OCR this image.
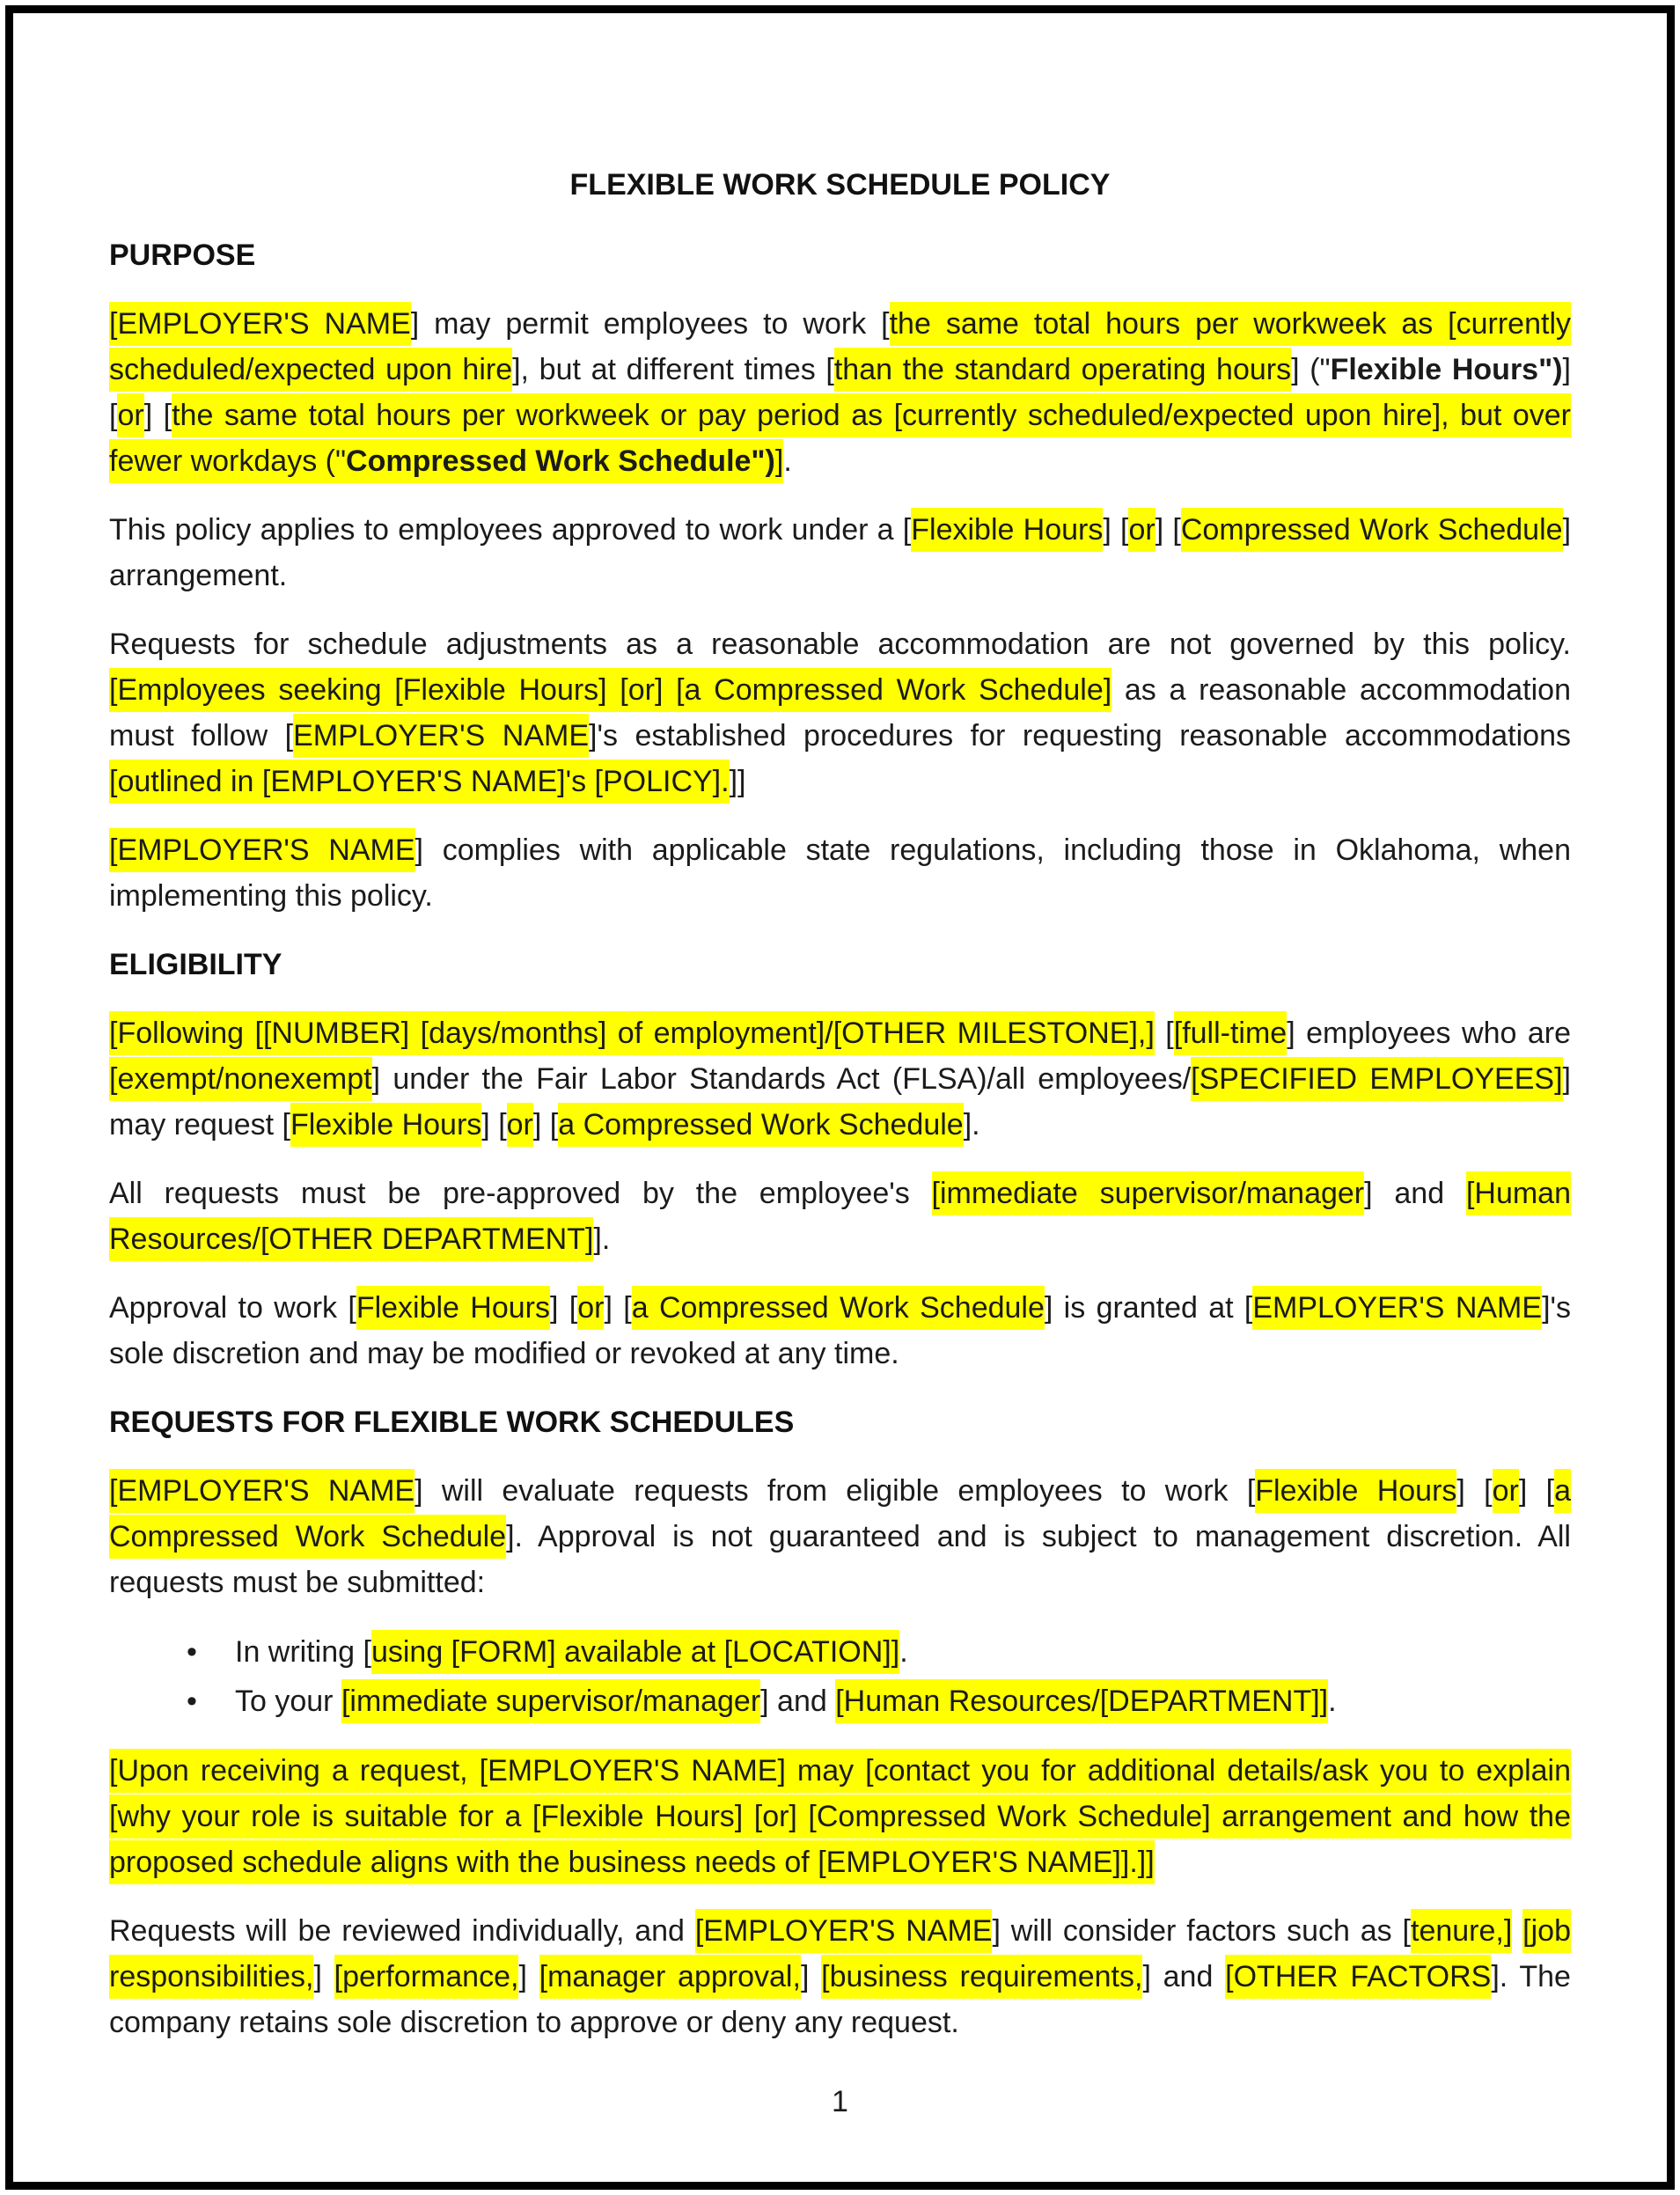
FLEXIBLE WORK SCHEDULE POLICY
PURPOSE

[EMPLOYER'S NAME] may permit employees to work [the same total hours per workweek as [currently scheduled/expected upon hire], but at different times [than the standard operating hours] ("Flexible Hours")] [or] [the same total hours per workweek or pay period as [currently scheduled/expected upon hire], but over fewer workdays ("Compressed Work Schedule")].

This policy applies to employees approved to work under a [Flexible Hours] [or] [Compressed Work Schedule] arrangement.

Requests for schedule adjustments as a reasonable accommodation are not governed by this policy. [Employees seeking [Flexible Hours] [or] [a Compressed Work Schedule] as a reasonable accommodation must follow [EMPLOYER'S NAME]'s established procedures for requesting reasonable accommodations [outlined in [EMPLOYER'S NAME]'s [POLICY].]]

[EMPLOYER'S NAME] complies with applicable state regulations, including those in Oklahoma, when implementing this policy.

ELIGIBILITY

[Following [[NUMBER] [days/months] of employment]/[OTHER MILESTONE],] [[full-time] employees who are [exempt/nonexempt] under the Fair Labor Standards Act (FLSA)/all employees/[SPECIFIED EMPLOYEES]] may request [Flexible Hours] [or] [a Compressed Work Schedule].

All requests must be pre-approved by the employee's [immediate supervisor/manager] and [Human Resources/[OTHER DEPARTMENT]].

Approval to work [Flexible Hours] [or] [a Compressed Work Schedule] is granted at [EMPLOYER'S NAME]'s sole discretion and may be modified or revoked at any time.

REQUESTS FOR FLEXIBLE WORK SCHEDULES

[EMPLOYER'S NAME] will evaluate requests from eligible employees to work [Flexible Hours] [or] [a Compressed Work Schedule]. Approval is not guaranteed and is subject to management discretion. All requests must be submitted:

• In writing [using [FORM] available at [LOCATION]].
• To your [immediate supervisor/manager] and [Human Resources/[DEPARTMENT]].

[Upon receiving a request, [EMPLOYER'S NAME] may [contact you for additional details/ask you to explain [why your role is suitable for a [Flexible Hours] [or] [Compressed Work Schedule] arrangement and how the proposed schedule aligns with the business needs of [EMPLOYER'S NAME]].]]

Requests will be reviewed individually, and [EMPLOYER'S NAME] will consider factors such as [tenure,] [job responsibilities,] [performance,] [manager approval,] [business requirements,] and [OTHER FACTORS]. The company retains sole discretion to approve or deny any request.

1
